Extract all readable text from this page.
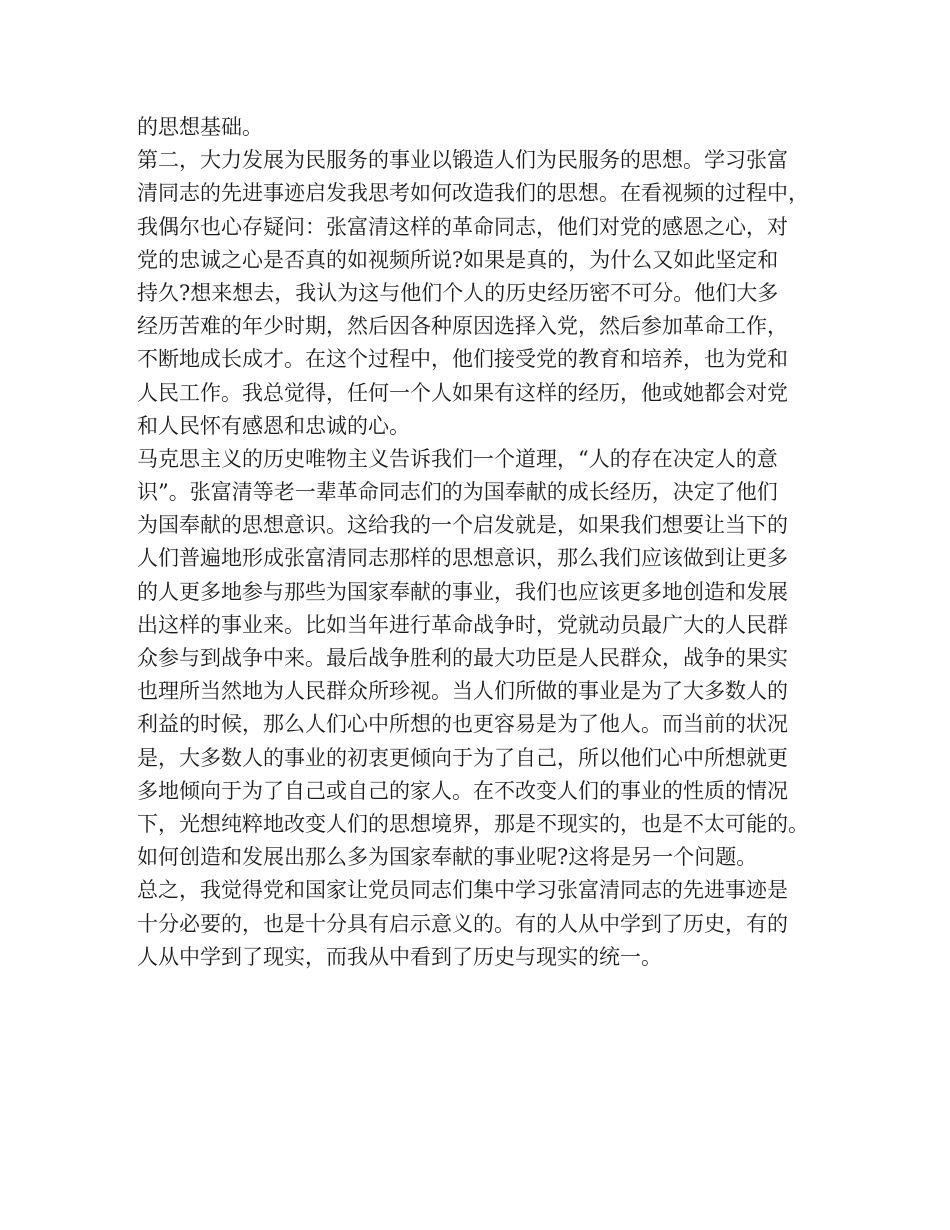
的思想基础。
第二，大力发展为民服务的事业以锻造人们为民服务的思想。学习张富
清同志的先进事迹启发我思考如何改造我们的思想。在看视频的过程中，
我偶尔也心存疑问：张富清这样的革命同志，他们对党的感恩之心，对
党的忠诚之心是否真的如视频所说?如果是真的，为什么又如此坚定和
持久?想来想去，我认为这与他们个人的历史经历密不可分。他们大多
经历苦难的年少时期，然后因各种原因选择入党，然后参加革命工作，
不断地成长成才。在这个过程中，他们接受党的教育和培养，也为党和
人民工作。我总觉得，任何一个人如果有这样的经历，他或她都会对党
和人民怀有感恩和忠诚的心。
马克思主义的历史唯物主义告诉我们一个道理，“人的存在决定人的意
识”。张富清等老一辈革命同志们的为国奉献的成长经历，决定了他们
为国奉献的思想意识。这给我的一个启发就是，如果我们想要让当下的
人们普遍地形成张富清同志那样的思想意识，那么我们应该做到让更多
的人更多地参与那些为国家奉献的事业，我们也应该更多地创造和发展
出这样的事业来。比如当年进行革命战争时，党就动员最广大的人民群
众参与到战争中来。最后战争胜利的最大功臣是人民群众，战争的果实
也理所当然地为人民群众所珍视。当人们所做的事业是为了大多数人的
利益的时候，那么人们心中所想的也更容易是为了他人。而当前的状况
是，大多数人的事业的初衷更倾向于为了自己，所以他们心中所想就更
多地倾向于为了自己或自己的家人。在不改变人们的事业的性质的情况
下，光想纯粹地改变人们的思想境界，那是不现实的，也是不太可能的。
如何创造和发展出那么多为国家奉献的事业呢?这将是另一个问题。
总之，我觉得党和国家让党员同志们集中学习张富清同志的先进事迹是
十分必要的，也是十分具有启示意义的。有的人从中学到了历史，有的
人从中学到了现实，而我从中看到了历史与现实的统一。
